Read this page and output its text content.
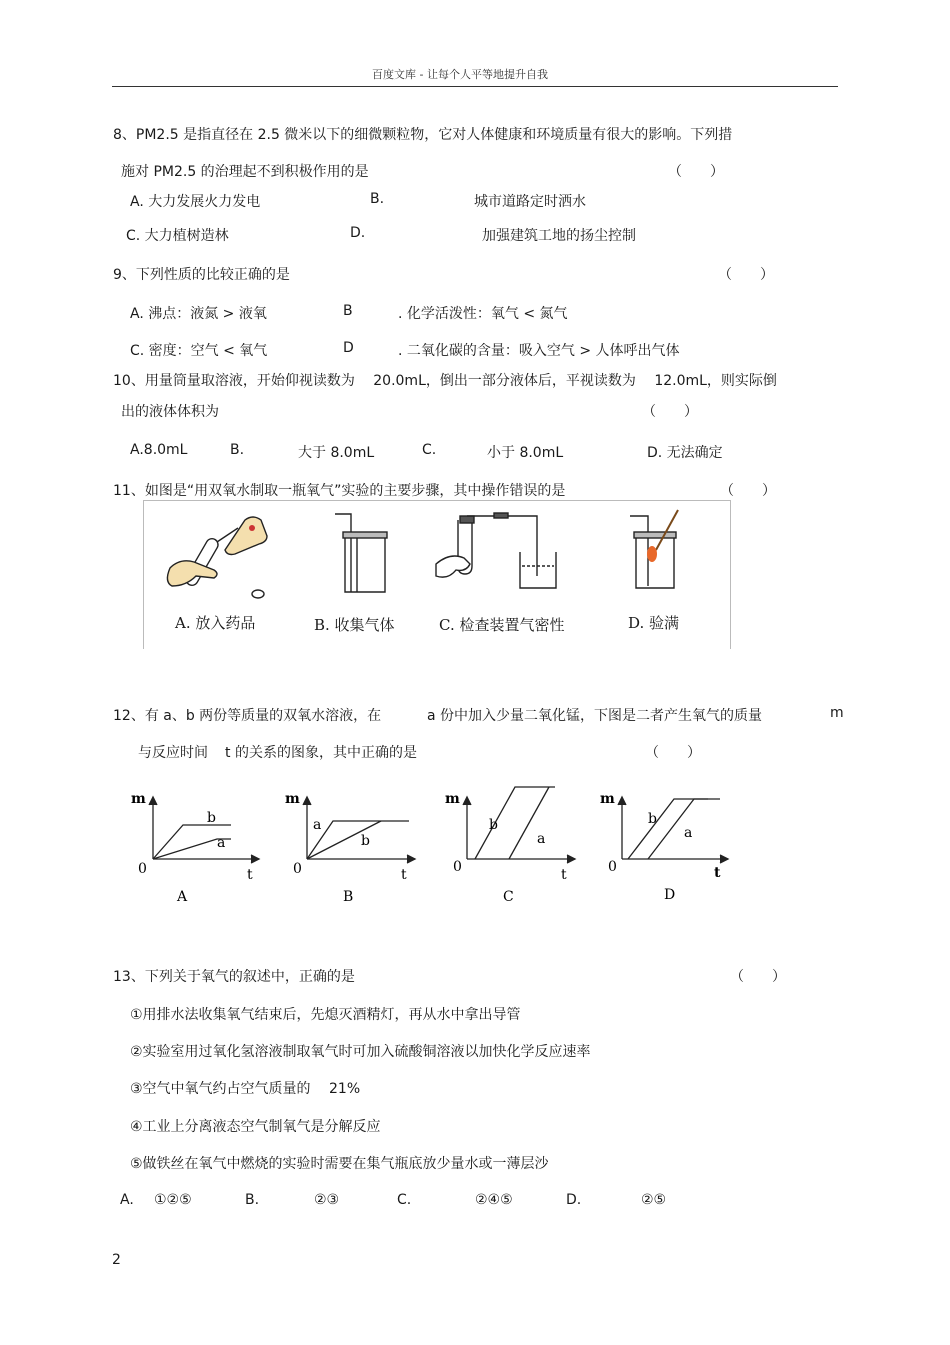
百度文库 - 让每个人平等地提升自我
8、PM2.5 是指直径在 2.5 微米以下的细微颗粒物，它对人体健康和环境质量有很大的影响。下列措
施对 PM2.5 的治理起不到积极作用的是	（　　）
A. 大力发展火力发电	B.	城市道路定时洒水
C. 大力植树造林	D.	加强建筑工地的扬尘控制
9、下列性质的比较正确的是	（　　）
A. 沸点：液氮 > 液氧	B	. 化学活泼性：氧气 < 氮气
C. 密度：空气 < 氧气	D	. 二氧化碳的含量：吸入空气 > 人体呼出气体
10、用量筒量取溶液，开始仰视读数为　 20.0mL，倒出一部分液体后，平视读数为　 12.0mL，则实际倒
出的液体体积为	（　　）
A.8.0mL	B.	大于 8.0mL	C.	小于 8.0mL	D. 无法确定
11、如图是“用双氧水制取一瓶氧气”实验的主要步骤，其中操作错误的是	（　　）
A. 放入药品	B. 收集气体	C. 检查装置气密性	D. 验满
12、有 a、b 两份等质量的双氧水溶液，在	a 份中加入少量二氧化锰，下图是二者产生氧气的质量	m
与反应时间 t 的关系的图象，其中正确的是	（　　）
m
0	t
b
a
A
m
0	t
a
b
B
m
0	t
b
a
C
m
0	t
b
a
D
13、下列关于氧气的叙述中，正确的是	（　　）
①用排水法收集氧气结束后，先熄灭酒精灯，再从水中拿出导管
②实验室用过氧化氢溶液制取氧气时可加入硫酸铜溶液以加快化学反应速率
③空气中氧气约占空气质量的　 21%
④工业上分离液态空气制氧气是分解反应
⑤做铁丝在氧气中燃烧的实验时需要在集气瓶底放少量水或一薄层沙
A. ①②⑤	B.	②③	C.	②④⑤	D.	②⑤
2
